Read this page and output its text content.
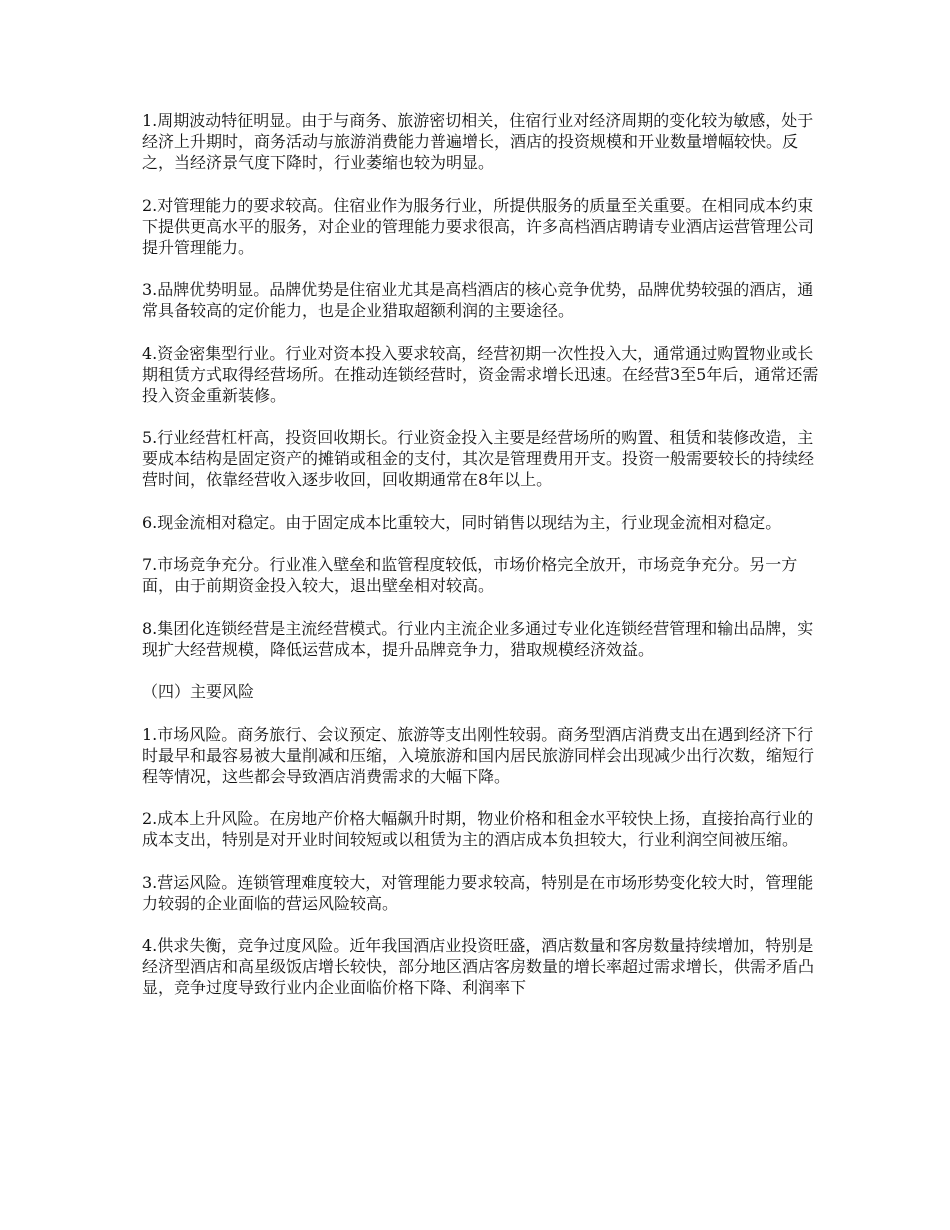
1.周期波动特征明显。由于与商务、旅游密切相关，住宿行业对经济周期的变化较为敏感，处于经济上升期时，商务活动与旅游消费能力普遍增长，酒店的投资规模和开业数量增幅较快。反之，当经济景气度下降时，行业萎缩也较为明显。

2.对管理能力的要求较高。住宿业作为服务行业，所提供服务的质量至关重要。在相同成本约束下提供更高水平的服务，对企业的管理能力要求很高，许多高档酒店聘请专业酒店运营管理公司提升管理能力。

3.品牌优势明显。品牌优势是住宿业尤其是高档酒店的核心竞争优势，品牌优势较强的酒店，通常具备较高的定价能力，也是企业猎取超额利润的主要途径。

4.资金密集型行业。行业对资本投入要求较高，经营初期一次性投入大，通常通过购置物业或长期租赁方式取得经营场所。在推动连锁经营时，资金需求增长迅速。在经营3至5年后，通常还需投入资金重新装修。

5.行业经营杠杆高，投资回收期长。行业资金投入主要是经营场所的购置、租赁和装修改造，主要成本结构是固定资产的摊销或租金的支付，其次是管理费用开支。投资一般需要较长的持续经营时间，依靠经营收入逐步收回，回收期通常在8年以上。

6.现金流相对稳定。由于固定成本比重较大，同时销售以现结为主，行业现金流相对稳定。

7.市场竞争充分。行业准入壁垒和监管程度较低，市场价格完全放开，市场竞争充分。另一方面，由于前期资金投入较大，退出壁垒相对较高。

8.集团化连锁经营是主流经营模式。行业内主流企业多通过专业化连锁经营管理和输出品牌，实现扩大经营规模，降低运营成本，提升品牌竞争力，猎取规模经济效益。

（四）主要风险

1.市场风险。商务旅行、会议预定、旅游等支出刚性较弱。商务型酒店消费支出在遇到经济下行时最早和最容易被大量削减和压缩，入境旅游和国内居民旅游同样会出现减少出行次数，缩短行程等情况，这些都会导致酒店消费需求的大幅下降。

2.成本上升风险。在房地产价格大幅飙升时期，物业价格和租金水平较快上扬，直接抬高行业的成本支出，特别是对开业时间较短或以租赁为主的酒店成本负担较大，行业利润空间被压缩。

3.营运风险。连锁管理难度较大，对管理能力要求较高，特别是在市场形势变化较大时，管理能力较弱的企业面临的营运风险较高。

4.供求失衡，竞争过度风险。近年我国酒店业投资旺盛，酒店数量和客房数量持续增加，特别是经济型酒店和高星级饭店增长较快，部分地区酒店客房数量的增长率超过需求增长，供需矛盾凸显，竞争过度导致行业内企业面临价格下降、利润率下
